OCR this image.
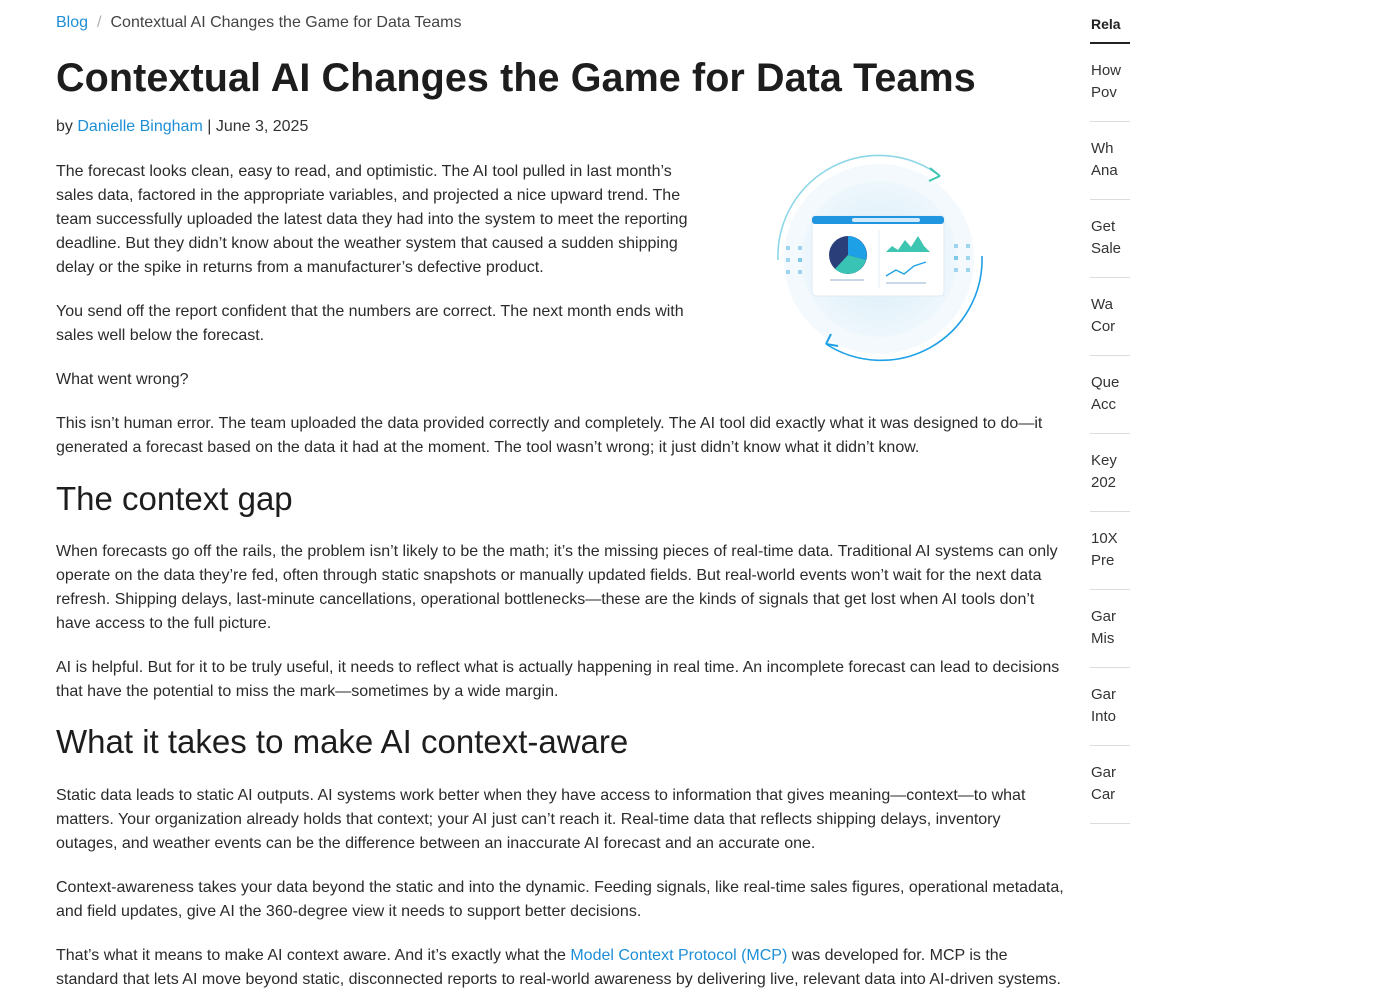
Blog / Contextual AI Changes the Game for Data Teams
Contextual AI Changes the Game for Data Teams
by Danielle Bingham | June 3, 2025

The forecast looks clean, easy to read, and optimistic. The AI tool pulled in last month’s sales data, factored in the appropriate variables, and projected a nice upward trend. The team successfully uploaded the latest data they had into the system to meet the reporting deadline. But they didn’t know about the weather system that caused a sudden shipping delay or the spike in returns from a manufacturer’s defective product.

You send off the report confident that the numbers are correct. The next month ends with sales well below the forecast.

What went wrong?

This isn’t human error. The team uploaded the data provided correctly and completely. The AI tool did exactly what it was designed to do—it generated a forecast based on the data it had at the moment. The tool wasn’t wrong; it just didn’t know what it didn’t know.

The context gap

When forecasts go off the rails, the problem isn’t likely to be the math; it’s the missing pieces of real-time data. Traditional AI systems can only operate on the data they’re fed, often through static snapshots or manually updated fields. But real-world events won’t wait for the next data refresh. Shipping delays, last-minute cancellations, operational bottlenecks—these are the kinds of signals that get lost when AI tools don’t have access to the full picture.

AI is helpful. But for it to be truly useful, it needs to reflect what is actually happening in real time. An incomplete forecast can lead to decisions that have the potential to miss the mark—sometimes by a wide margin.

What it takes to make AI context-aware

Static data leads to static AI outputs. AI systems work better when they have access to information that gives meaning—context—to what matters. Your organization already holds that context; your AI just can’t reach it. Real-time data that reflects shipping delays, inventory outages, and weather events can be the difference between an inaccurate AI forecast and an accurate one.

Context-awareness takes your data beyond the static and into the dynamic. Feeding signals, like real-time sales figures, operational metadata, and field updates, give AI the 360-degree view it needs to support better decisions.

That’s what it means to make AI context aware. And it’s exactly what the Model Context Protocol (MCP) was developed for. MCP is the standard that lets AI move beyond static, disconnected reports to real-world awareness by delivering live, relevant data into AI-driven systems.

Rela
How
Pov
Wh
Ana
Get
Sale
Wa
Cor
Que
Acc
Key
202
10X
Pre
Gar
Mis
Gar
Into
Gar
Car
